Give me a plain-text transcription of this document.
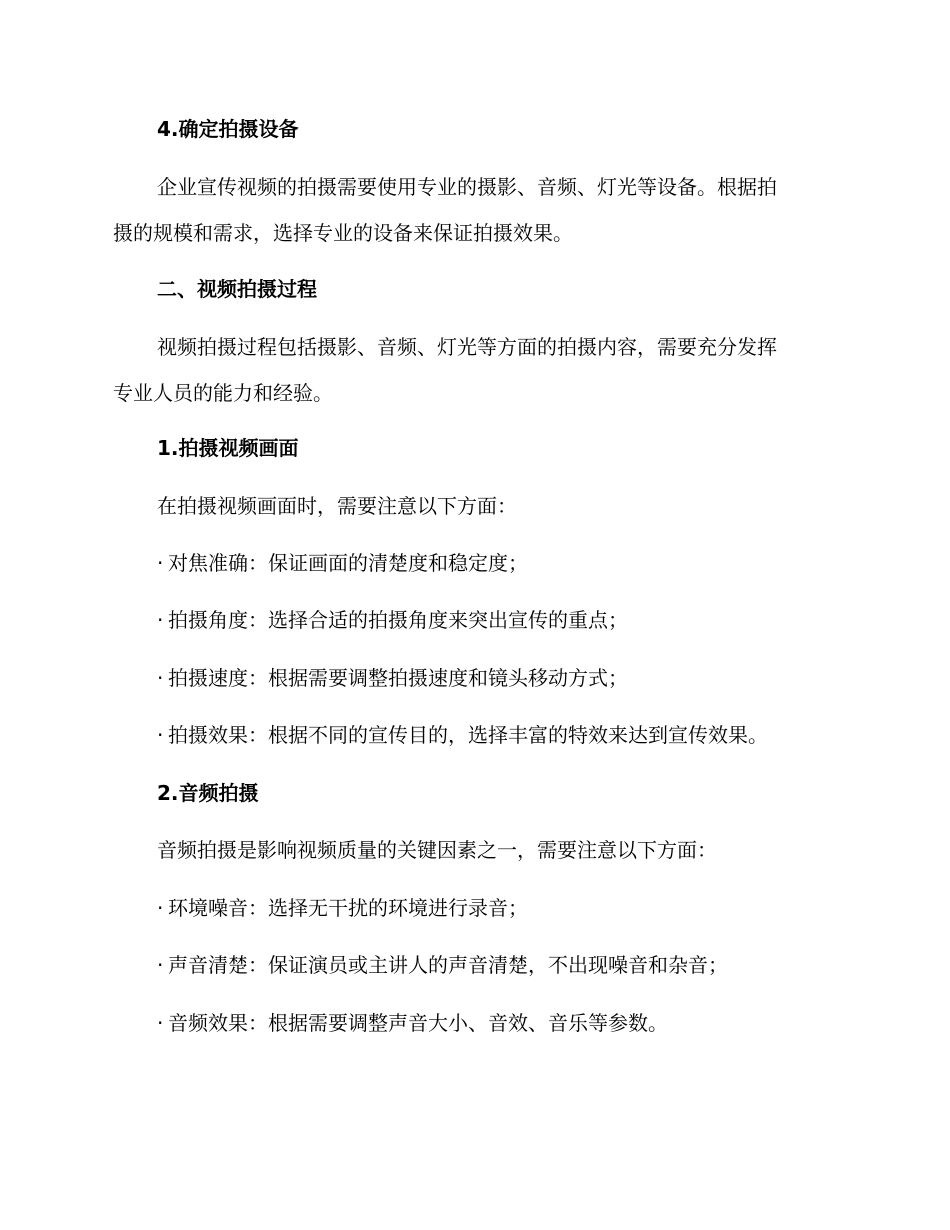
4.确定拍摄设备
企业宣传视频的拍摄需要使用专业的摄影、音频、灯光等设备。根据拍
摄的规模和需求，选择专业的设备来保证拍摄效果。
二、视频拍摄过程
视频拍摄过程包括摄影、音频、灯光等方面的拍摄内容，需要充分发挥
专业人员的能力和经验。
1.拍摄视频画面
在拍摄视频画面时，需要注意以下方面：
· 对焦准确：保证画面的清楚度和稳定度；
· 拍摄角度：选择合适的拍摄角度来突出宣传的重点；
· 拍摄速度：根据需要调整拍摄速度和镜头移动方式；
· 拍摄效果：根据不同的宣传目的，选择丰富的特效来达到宣传效果。
2.音频拍摄
音频拍摄是影响视频质量的关键因素之一，需要注意以下方面：
· 环境噪音：选择无干扰的环境进行录音；
· 声音清楚：保证演员或主讲人的声音清楚，不出现噪音和杂音；
· 音频效果：根据需要调整声音大小、音效、音乐等参数。
